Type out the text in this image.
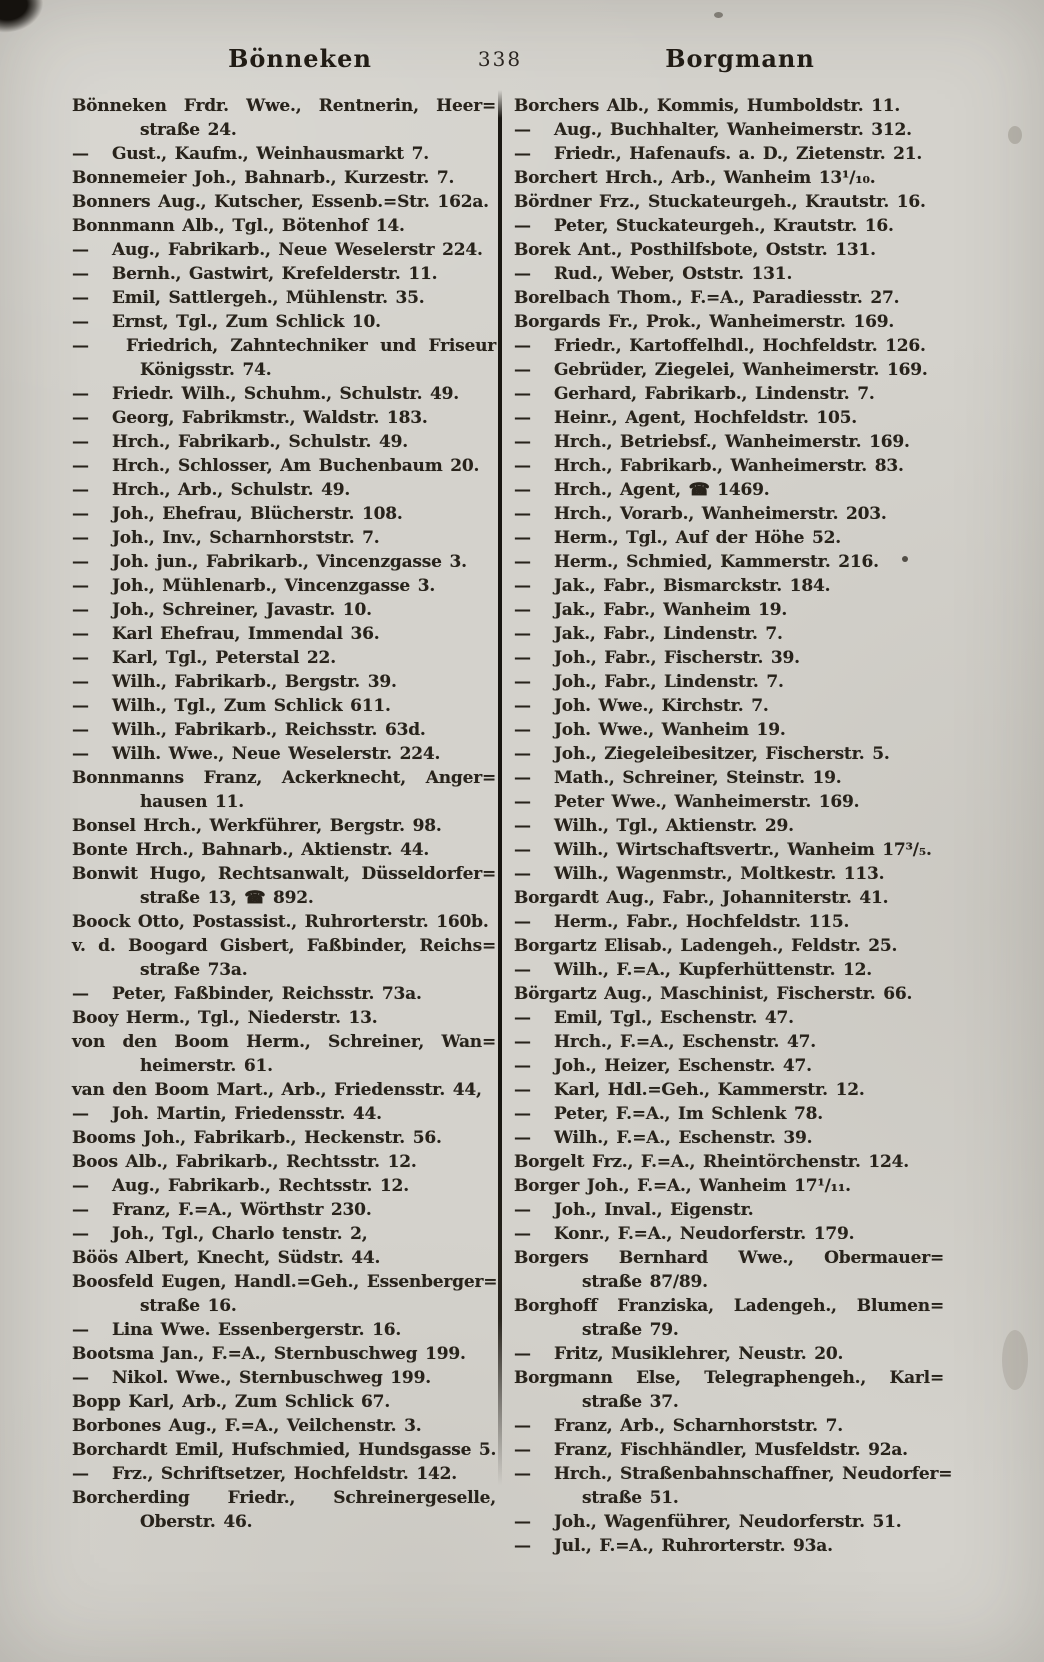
Bönneken	338	Borgmann
Bönneken Frdr. Wwe., Rentnerin, Heer=
straße 24.
—   Gust., Kaufm., Weinhausmarkt 7.
Bonnemeier Joh., Bahnarb., Kurzestr. 7.
Bonners Aug., Kutscher, Essenb.=Str. 162a.
Bonnmann Alb., Tgl., Bötenhof 14.
—   Aug., Fabrikarb., Neue Weselerstr 224.
—   Bernh., Gastwirt, Krefelderstr. 11.
—   Emil, Sattlergeh., Mühlenstr. 35.
—   Ernst, Tgl., Zum Schlick 10.
—   Friedrich, Zahntechniker und Friseur
Königsstr. 74.
—   Friedr. Wilh., Schuhm., Schulstr. 49.
—   Georg, Fabrikmstr., Waldstr. 183.
—   Hrch., Fabrikarb., Schulstr. 49.
—   Hrch., Schlosser, Am Buchenbaum 20.
—   Hrch., Arb., Schulstr. 49.
—   Joh., Ehefrau, Blücherstr. 108.
—   Joh., Inv., Scharnhorststr. 7.
—   Joh. jun., Fabrikarb., Vincenzgasse 3.
—   Joh., Mühlenarb., Vincenzgasse 3.
—   Joh., Schreiner, Javastr. 10.
—   Karl Ehefrau, Immendal 36.
—   Karl, Tgl., Peterstal 22.
—   Wilh., Fabrikarb., Bergstr. 39.
—   Wilh., Tgl., Zum Schlick 611.
—   Wilh., Fabrikarb., Reichsstr. 63d.
—   Wilh. Wwe., Neue Weselerstr. 224.
Bonnmanns Franz, Ackerknecht, Anger=
hausen 11.
Bonsel Hrch., Werkführer, Bergstr. 98.
Bonte Hrch., Bahnarb., Aktienstr. 44.
Bonwit Hugo, Rechtsanwalt, Düsseldorfer=
straße 13, ☎ 892.
Boock Otto, Postassist., Ruhrorterstr. 160b.
v. d. Boogard Gisbert, Faßbinder, Reichs=
straße 73a.
—   Peter, Faßbinder, Reichsstr. 73a.
Booy Herm., Tgl., Niederstr. 13.
von den Boom Herm., Schreiner, Wan=
heimerstr. 61.
van den Boom Mart., Arb., Friedensstr. 44,
—   Joh. Martin, Friedensstr. 44.
Booms Joh., Fabrikarb., Heckenstr. 56.
Boos Alb., Fabrikarb., Rechtsstr. 12.
—   Aug., Fabrikarb., Rechtsstr. 12.
—   Franz, F.=A., Wörthstr 230.
—   Joh., Tgl., Charlo tenstr. 2,
Böös Albert, Knecht, Südstr. 44.
Boosfeld Eugen, Handl.=Geh., Essenberger=
straße 16.
—   Lina Wwe. Essenbergerstr. 16.
Bootsma Jan., F.=A., Sternbuschweg 199.
—   Nikol. Wwe., Sternbuschweg 199.
Bopp Karl, Arb., Zum Schlick 67.
Borbones Aug., F.=A., Veilchenstr. 3.
Borchardt Emil, Hufschmied, Hundsgasse 5.
—   Frz., Schriftsetzer, Hochfeldstr. 142.
Borcherding Friedr., Schreinergeselle,
Oberstr. 46.
Borchers Alb., Kommis, Humboldstr. 11.
—   Aug., Buchhalter, Wanheimerstr. 312.
—   Friedr., Hafenaufs. a. D., Zietenstr. 21.
Borchert Hrch., Arb., Wanheim 13¹/₁₀.
Bördner Frz., Stuckateurgeh., Krautstr. 16.
—   Peter, Stuckateurgeh., Krautstr. 16.
Borek Ant., Posthilfsbote, Oststr. 131.
—   Rud., Weber, Oststr. 131.
Borelbach Thom., F.=A., Paradiesstr. 27.
Borgards Fr., Prok., Wanheimerstr. 169.
—   Friedr., Kartoffelhdl., Hochfeldstr. 126.
—   Gebrüder, Ziegelei, Wanheimerstr. 169.
—   Gerhard, Fabrikarb., Lindenstr. 7.
—   Heinr., Agent, Hochfeldstr. 105.
—   Hrch., Betriebsf., Wanheimerstr. 169.
—   Hrch., Fabrikarb., Wanheimerstr. 83.
—   Hrch., Agent, ☎ 1469.
—   Hrch., Vorarb., Wanheimerstr. 203.
—   Herm., Tgl., Auf der Höhe 52.
—   Herm., Schmied, Kammerstr. 216.
—   Jak., Fabr., Bismarckstr. 184.
—   Jak., Fabr., Wanheim 19.
—   Jak., Fabr., Lindenstr. 7.
—   Joh., Fabr., Fischerstr. 39.
—   Joh., Fabr., Lindenstr. 7.
—   Joh. Wwe., Kirchstr. 7.
—   Joh. Wwe., Wanheim 19.
—   Joh., Ziegeleibesitzer, Fischerstr. 5.
—   Math., Schreiner, Steinstr. 19.
—   Peter Wwe., Wanheimerstr. 169.
—   Wilh., Tgl., Aktienstr. 29.
—   Wilh., Wirtschaftsvertr., Wanheim 17³/₅.
—   Wilh., Wagenmstr., Moltkestr. 113.
Borgardt Aug., Fabr., Johanniterstr. 41.
—   Herm., Fabr., Hochfeldstr. 115.
Borgartz Elisab., Ladengeh., Feldstr. 25.
—   Wilh., F.=A., Kupferhüttenstr. 12.
Börgartz Aug., Maschinist, Fischerstr. 66.
—   Emil, Tgl., Eschenstr. 47.
—   Hrch., F.=A., Eschenstr. 47.
—   Joh., Heizer, Eschenstr. 47.
—   Karl, Hdl.=Geh., Kammerstr. 12.
—   Peter, F.=A., Im Schlenk 78.
—   Wilh., F.=A., Eschenstr. 39.
Borgelt Frz., F.=A., Rheintörchenstr. 124.
Borger Joh., F.=A., Wanheim 17¹/₁₁.
—   Joh., Inval., Eigenstr.
—   Konr., F.=A., Neudorferstr. 179.
Borgers Bernhard Wwe., Obermauer=
straße 87/89.
Borghoff Franziska, Ladengeh., Blumen=
straße 79.
—   Fritz, Musiklehrer, Neustr. 20.
Borgmann Else, Telegraphengeh., Karl=
straße 37.
—   Franz, Arb., Scharnhorststr. 7.
—   Franz, Fischhändler, Musfeldstr. 92a.
—   Hrch., Straßenbahnschaffner, Neudorfer=
straße 51.
—   Joh., Wagenführer, Neudorferstr. 51.
—   Jul., F.=A., Ruhrorterstr. 93a.
